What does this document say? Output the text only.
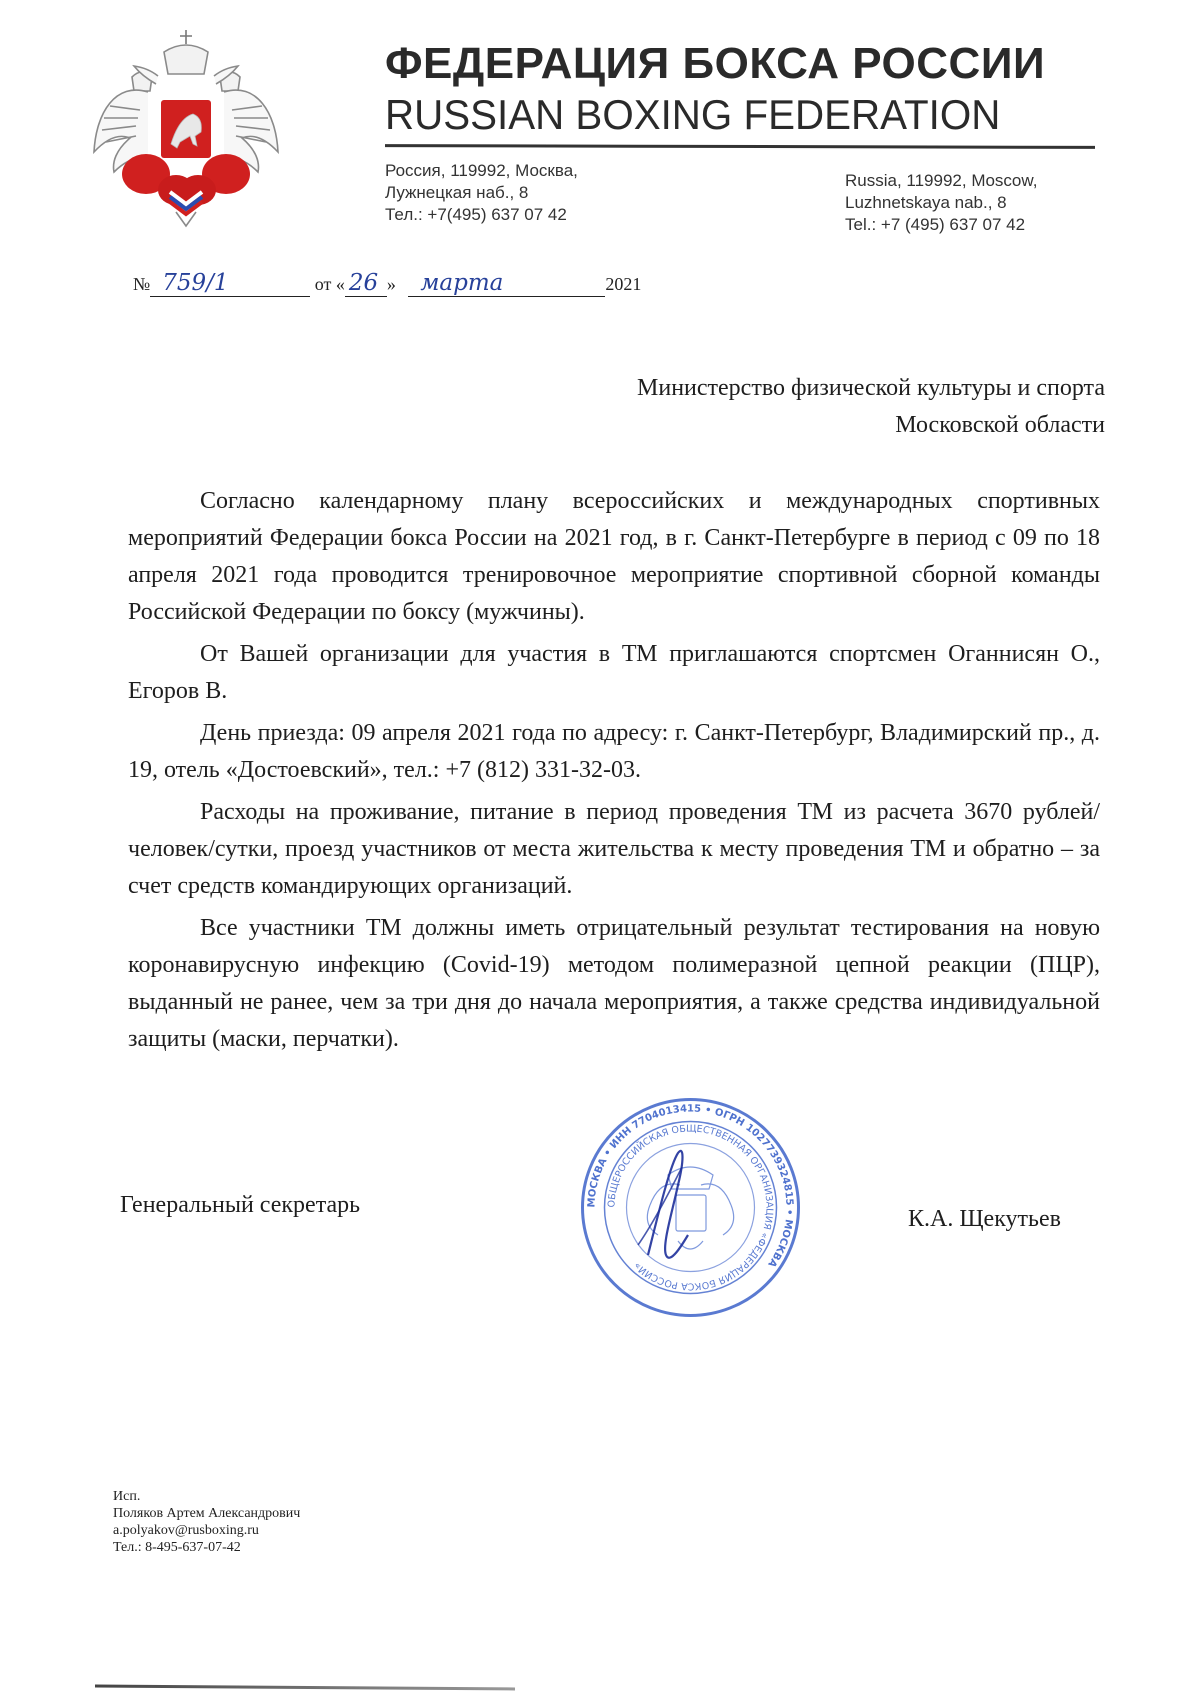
ФЕДЕРАЦИЯ БОКСА РОССИИ
RUSSIAN BOXING FEDERATION
Россия, 119992, Москва,
Лужнецкая наб., 8
Тел.: +7(495) 637 07 42
Russia, 119992, Moscow,
Luzhnetskaya nab., 8
Tel.: +7 (495) 637 07 42
№ 759/1	от « 26 » марта	2021
Министерство физической культуры и спорта
Московской области

Согласно календарному плану всероссийских и международных спортивных мероприятий Федерации бокса России на 2021 год, в г. Санкт-Петербурге в период с 09 по 18 апреля 2021 года проводится тренировочное мероприятие спортивной сборной команды Российской Федерации по боксу (мужчины).

От Вашей организации для участия в ТМ приглашаются спортсмен Оганнисян О., Егоров В.

День приезда: 09 апреля 2021 года по адресу: г. Санкт-Петербург, Владимирский пр., д. 19, отель «Достоевский», тел.: +7 (812) 331-32-03.

Расходы на проживание, питание в период проведения ТМ из расчета 3670 рублей/человек/сутки, проезд участников от места жительства к месту проведения ТМ и обратно – за счет средств командирующих организаций.

Все участники ТМ должны иметь отрицательный результат тестирования на новую коронавирусную инфекцию (Covid-19) методом полимеразной цепной реакции (ПЦР), выданный не ранее, чем за три дня до начала мероприятия, а также средства индивидуальной защиты (маски, перчатки).

Генеральный секретарь	МОСКВА • ИНН 7704013415 • ОГРН 1027739324815 • МОСКВА
ОБЩЕРОССИЙСКАЯ ОБЩЕСТВЕННАЯ ОРГАНИЗАЦИЯ «ФЕДЕРАЦИЯ БОКСА РОССИИ»
К.А. Щекутьев
Исп.
Поляков Артем Александрович
a.polyakov@rusboxing.ru
Тел.: 8-495-637-07-42
